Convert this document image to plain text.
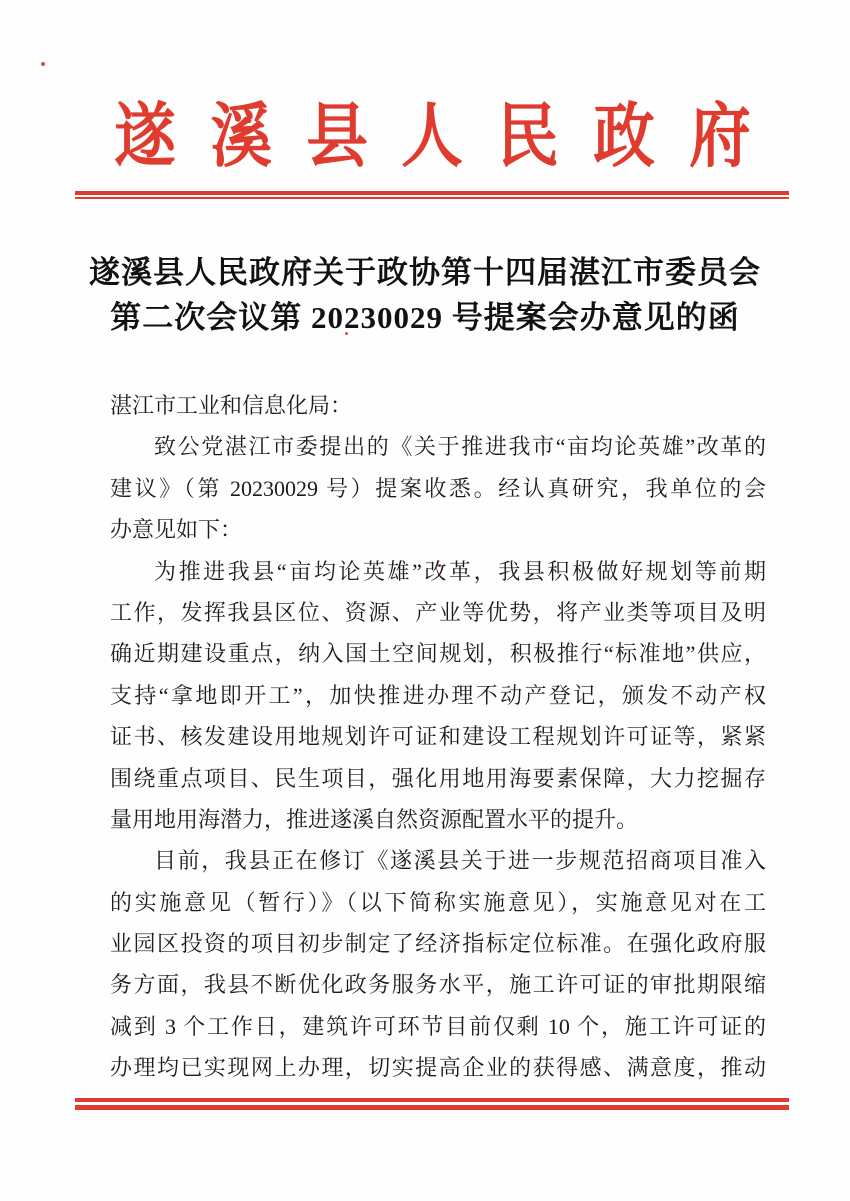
遂 溪 县 人 民 政 府
遂溪县人民政府关于政协第十四届湛江市委员会
第二次会议第 20230029 号提案会办意见的函
湛江市工业和信息化局：
致公党湛江市委提出的《关于推进我市“亩均论英雄”改革的
建议》（第 20230029 号）提案收悉。经认真研究，我单位的会
办意见如下：
为推进我县“亩均论英雄”改革，我县积极做好规划等前期
工作，发挥我县区位、资源、产业等优势，将产业类等项目及明
确近期建设重点，纳入国土空间规划，积极推行“标准地”供应，
支持“拿地即开工”，加快推进办理不动产登记，颁发不动产权
证书、核发建设用地规划许可证和建设工程规划许可证等，紧紧
围绕重点项目、民生项目，强化用地用海要素保障，大力挖掘存
量用地用海潜力，推进遂溪自然资源配置水平的提升。
目前，我县正在修订《遂溪县关于进一步规范招商项目准入
的实施意见（暂行）》（以下简称实施意见），实施意见对在工
业园区投资的项目初步制定了经济指标定位标准。在强化政府服
务方面，我县不断优化政务服务水平，施工许可证的审批期限缩
减到 3 个工作日，建筑许可环节目前仅剩 10 个，施工许可证的
办理均已实现网上办理，切实提高企业的获得感、满意度，推动
